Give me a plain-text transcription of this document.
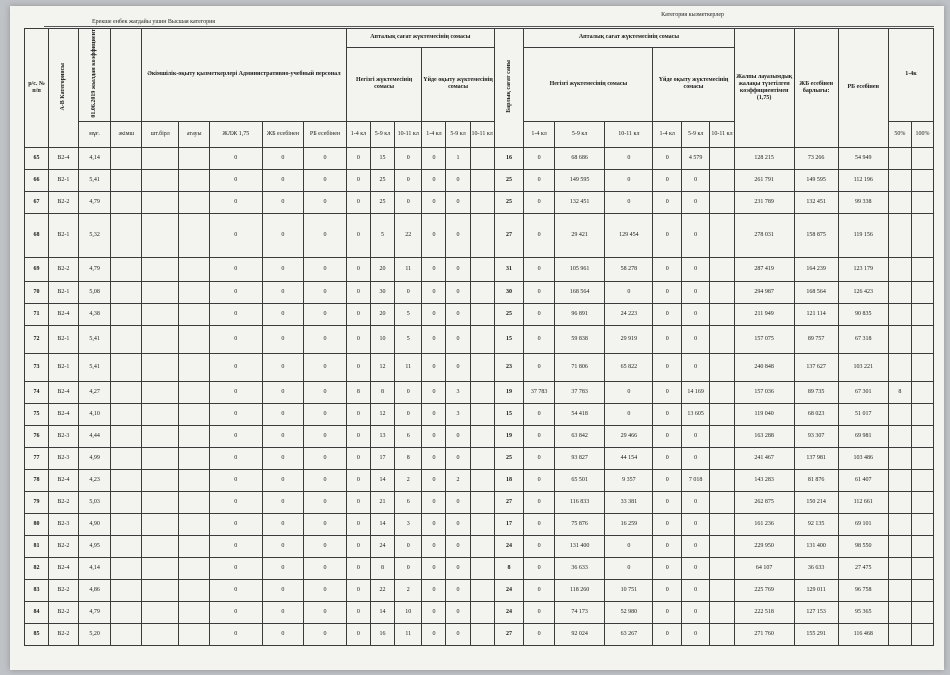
Ерекше енбек жагдайы ушин Высшая категория
Категория кызметкерлер
р/с. № п/п	А-В Категориясы	01.06.2019 жылдан коэффициент		Әкімшілік-оқыту қызметкерлері Административно-учебный персонал					Апталық сағат жүктемесінің сомасы						Барлық сағат саны	Апталық сағат жүктемесінің сомасы						Жалпы лауазымдық жалақы түзетілген коэффициентімен (1,75)	ЖБ есебінен барлығы:	РБ есебінен	1-4к	
									Негізгі жүктемесінің сомасы			Үйде оқыту жүктемесінің сомасы				Негізгі жүктемесінің сомасы			Үйде оқыту жүктемесінің сомасы							
		мұғ.	әкімш	шт.бірл	атауы	ЖЛЖ 1,75	ЖБ есебінен	РБ есебінен	1-4 кл	5-9 кл	10-11 кл	1-4 кл	5-9 кл	10-11 кл		1-4 кл	5-9 кл	10-11 кл	1-4 кл	5-9 кл	10-11 кл				50%	100%
65	В2-4	4,14				0	0	0	0	15	0	0	1		16	0	68 686	0	0	4 579		128 215	73 266	54 949		
66	В2-1	5,41				0	0	0	0	25	0	0	0		25	0	149 595	0	0	0		261 791	149 595	112 196		
67	В2-2	4,79				0	0	0	0	25	0	0	0		25	0	132 451	0	0	0		231 789	132 451	99 338		
68	В2-1	5,32				0	0	0	0	5	22	0	0		27	0	29 421	129 454	0	0		278 031	158 875	119 156		
69	В2-2	4,79				0	0	0	0	20	11	0	0		31	0	105 961	58 278	0	0		287 419	164 239	123 179		
70	В2-1	5,08				0	0	0	0	30	0	0	0		30	0	168 564	0	0	0		294 987	168 564	126 423		
71	В2-4	4,38				0	0	0	0	20	5	0	0		25	0	96 891	24 223	0	0		211 949	121 114	90 835		
72	В2-1	5,41				0	0	0	0	10	5	0	0		15	0	59 838	29 919	0	0		157 075	89 757	67 318		
73	В2-1	5,41				0	0	0	0	12	11	0	0		23	0	71 806	65 822	0	0		240 848	137 627	103 221		
74	В2-4	4,27				0	0	0	8	8	0	0	3		19	37 783	37 783	0	0	14 169		157 036	89 735	67 301	8	
75	В2-4	4,10				0	0	0	0	12	0	0	3		15	0	54 418	0	0	13 605		119 040	68 023	51 017		
76	В2-3	4,44				0	0	0	0	13	6	0	0		19	0	63 842	29 466	0	0		163 288	93 307	69 981		
77	В2-3	4,99				0	0	0	0	17	8	0	0		25	0	93 827	44 154	0	0		241 467	137 981	103 486		
78	В2-4	4,23				0	0	0	0	14	2	0	2		18	0	65 501	9 357	0	7 018		143 283	81 876	61 407		
79	В2-2	5,03				0	0	0	0	21	6	0	0		27	0	116 833	33 381	0	0		262 875	150 214	112 661		
80	В2-3	4,90				0	0	0	0	14	3	0	0		17	0	75 876	16 259	0	0		161 236	92 135	69 101		
81	В2-2	4,95				0	0	0	0	24	0	0	0		24	0	131 400	0	0	0		229 950	131 400	98 550		
82	В2-4	4,14				0	0	0	0	8	0	0	0		8	0	36 633	0	0	0		64 107	36 633	27 475		
83	В2-2	4,86				0	0	0	0	22	2	0	0		24	0	118 260	10 751	0	0		225 769	129 011	96 758		
84	В2-2	4,79				0	0	0	0	14	10	0	0		24	0	74 173	52 980	0	0		222 518	127 153	95 365		
85	В2-2	5,20				0	0	0	0	16	11	0	0		27	0	92 024	63 267	0	0		271 760	155 291	116 468		
